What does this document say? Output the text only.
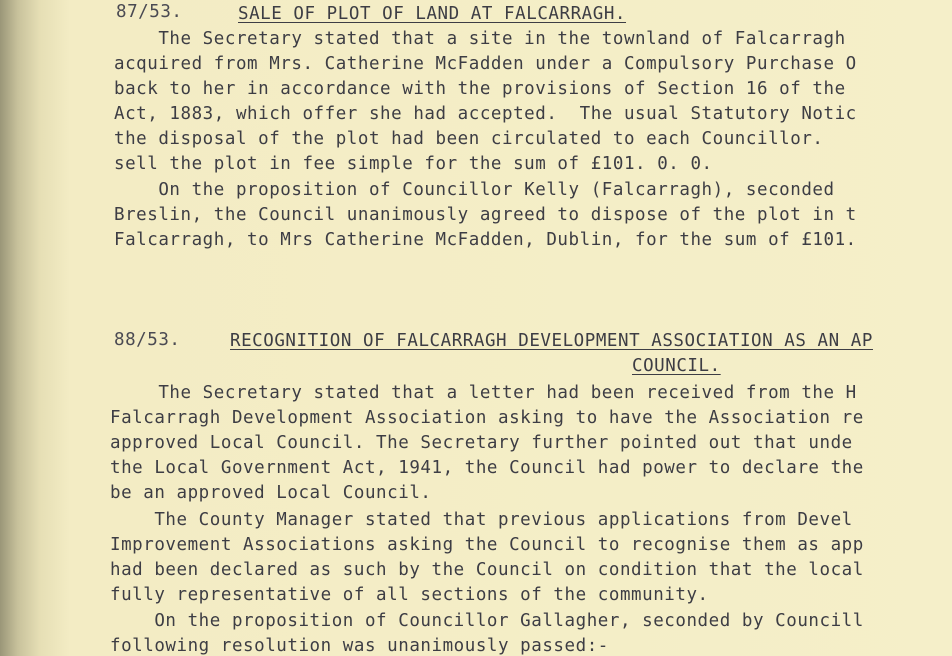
87/53.	SALE OF PLOT OF LAND AT FALCARRAGH.
The Secretary stated that a site in the townland of Falcarragh
acquired from Mrs. Catherine McFadden under a Compulsory Purchase O
back to her in accordance with the provisions of Section 16 of the
Act, 1883, which offer she had accepted.  The usual Statutory Notic
the disposal of the plot had been circulated to each Councillor.
sell the plot in fee simple for the sum of £101. 0. 0.
On the proposition of Councillor Kelly (Falcarragh), seconded
Breslin, the Council unanimously agreed to dispose of the plot in t
Falcarragh, to Mrs Catherine McFadden, Dublin, for the sum of £101.
88/53.	RECOGNITION OF FALCARRAGH DEVELOPMENT ASSOCIATION AS AN AP
COUNCIL.
The Secretary stated that a letter had been received from the H
Falcarragh Development Association asking to have the Association re
approved Local Council. The Secretary further pointed out that unde
the Local Government Act, 1941, the Council had power to declare the
be an approved Local Council.
The County Manager stated that previous applications from Devel
Improvement Associations asking the Council to recognise them as app
had been declared as such by the Council on condition that the local
fully representative of all sections of the community.
On the proposition of Councillor Gallagher, seconded by Councill
following resolution was unanimously passed:-
